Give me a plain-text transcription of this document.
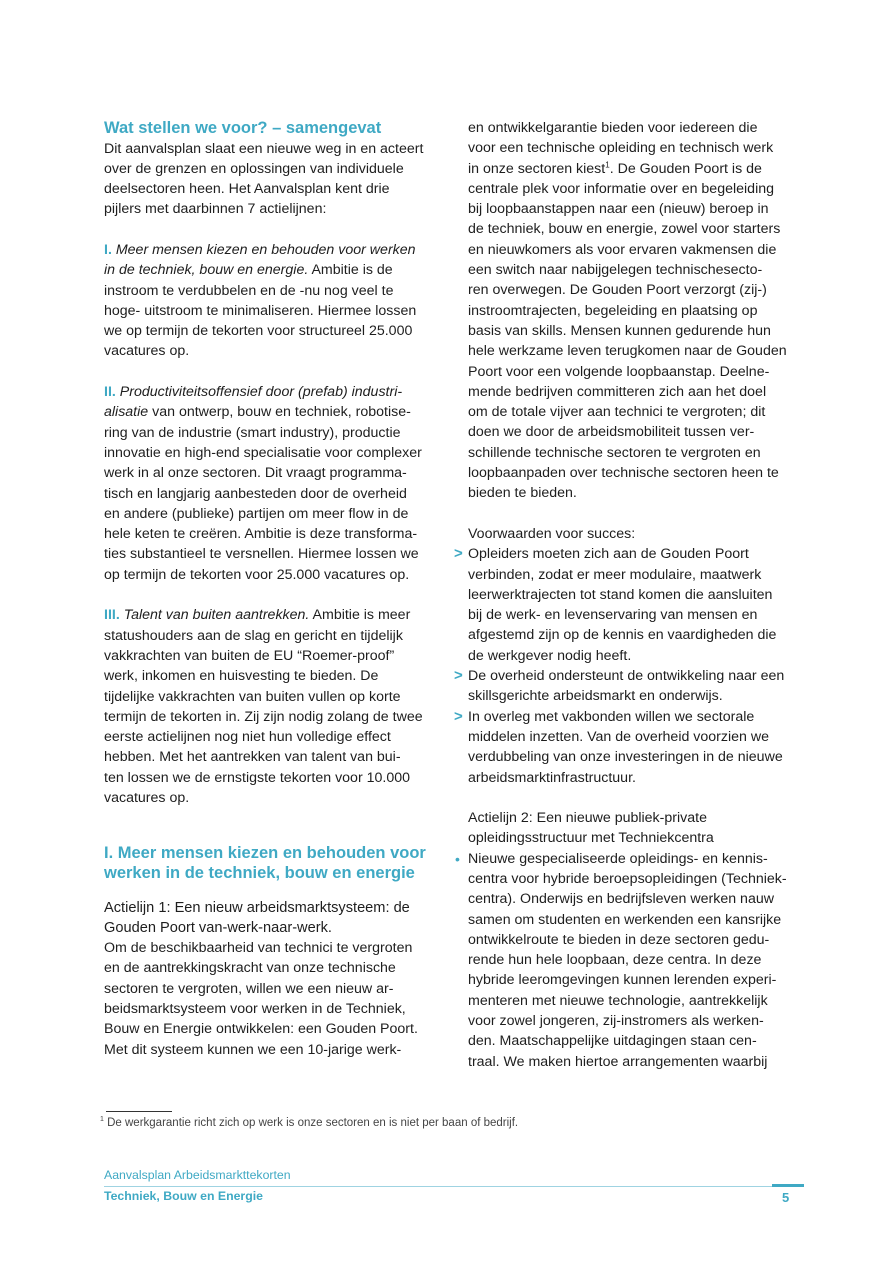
Wat stellen we voor? – samengevat
Dit aanvalsplan slaat een nieuwe weg in en acteert
over de grenzen en oplossingen van individuele
deelsectoren heen. Het Aanvalsplan kent drie
pijlers met daarbinnen 7 actielijnen:
I. Meer mensen kiezen en behouden voor werken
in de techniek, bouw en energie. Ambitie is de
instroom te verdubbelen en de -nu nog veel te
hoge- uitstroom te minimaliseren. Hiermee lossen
we op termijn de tekorten voor structureel 25.000
vacatures op.
II. Productiviteitsoffensief door (prefab) industri-
alisatie van ontwerp, bouw en techniek, robotise-
ring van de industrie (smart industry), productie
innovatie en high-end specialisatie voor complexer
werk in al onze sectoren. Dit vraagt programma-
tisch en langjarig aanbesteden door de overheid
en andere (publieke) partijen om meer flow in de
hele keten te creëren. Ambitie is deze transforma-
ties substantieel te versnellen. Hiermee lossen we
op termijn de tekorten voor 25.000 vacatures op.
III. Talent van buiten aantrekken. Ambitie is meer
statushouders aan de slag en gericht en tijdelijk
vakkrachten van buiten de EU “Roemer-proof”
werk, inkomen en huisvesting te bieden. De
tijdelijke vakkrachten van buiten vullen op korte
termijn de tekorten in. Zij zijn nodig zolang de twee
eerste actielijnen nog niet hun volledige effect
hebben. Met het aantrekken van talent van bui-
ten lossen we de ernstigste tekorten voor 10.000
vacatures op.
I. Meer mensen kiezen en behouden voor
werken in de techniek, bouw en energie
Actielijn 1: Een nieuw arbeidsmarktsysteem: de
Gouden Poort van-werk-naar-werk.
Om de beschikbaarheid van technici te vergroten
en de aantrekkingskracht van onze technische
sectoren te vergroten, willen we een nieuw ar-
beidsmarktsysteem voor werken in de Techniek,
Bouw en Energie ontwikkelen: een Gouden Poort.
Met dit systeem kunnen we een 10-jarige werk-
en ontwikkelgarantie bieden voor iedereen die
voor een technische opleiding en technisch werk
in onze sectoren kiest$^1$. De Gouden Poort is de
centrale plek voor informatie over en begeleiding
bij loopbaanstappen naar een (nieuw) beroep in
de techniek, bouw en energie, zowel voor starters
en nieuwkomers als voor ervaren vakmensen die
een switch naar nabijgelegen technischesecto-
ren overwegen. De Gouden Poort verzorgt (zij-)
instroomtrajecten, begeleiding en plaatsing op
basis van skills. Mensen kunnen gedurende hun
hele werkzame leven terugkomen naar de Gouden
Poort voor een volgende loopbaanstap. Deelne-
mende bedrijven committeren zich aan het doel
om de totale vijver aan technici te vergroten; dit
doen we door de arbeidsmobiliteit tussen ver-
schillende technische sectoren te vergroten en
loopbaanpaden over technische sectoren heen te
bieden te bieden.
Voorwaarden voor succes:
> Opleiders moeten zich aan de Gouden Poort
verbinden, zodat er meer modulaire, maatwerk
leerwerktrajecten tot stand komen die aansluiten
bij de werk- en levenservaring van mensen en
afgestemd zijn op de kennis en vaardigheden die
de werkgever nodig heeft.
> De overheid ondersteunt de ontwikkeling naar een
skillsgerichte arbeidsmarkt en onderwijs.
> In overleg met vakbonden willen we sectorale
middelen inzetten. Van de overheid voorzien we
verdubbeling van onze investeringen in de nieuwe
arbeidsmarktinfrastructuur.
Actielijn 2: Een nieuwe publiek-private
opleidingsstructuur met Techniekcentra
• Nieuwe gespecialiseerde opleidings- en kennis-
centra voor hybride beroepsopleidingen (Techniek-
centra). Onderwijs en bedrijfsleven werken nauw
samen om studenten en werkenden een kansrijke
ontwikkelroute te bieden in deze sectoren gedu-
rende hun hele loopbaan, deze centra. In deze
hybride leeromgevingen kunnen lerenden experi-
menteren met nieuwe technologie, aantrekkelijk
voor zowel jongeren, zij-instromers als werken-
den. Maatschappelijke uitdagingen staan cen-
traal. We maken hiertoe arrangementen waarbij
$^1$ De werkgarantie richt zich op werk is onze sectoren en is niet per baan of bedrijf.
Aanvalsplan Arbeidsmarkttekorten
Techniek, Bouw en Energie	5
